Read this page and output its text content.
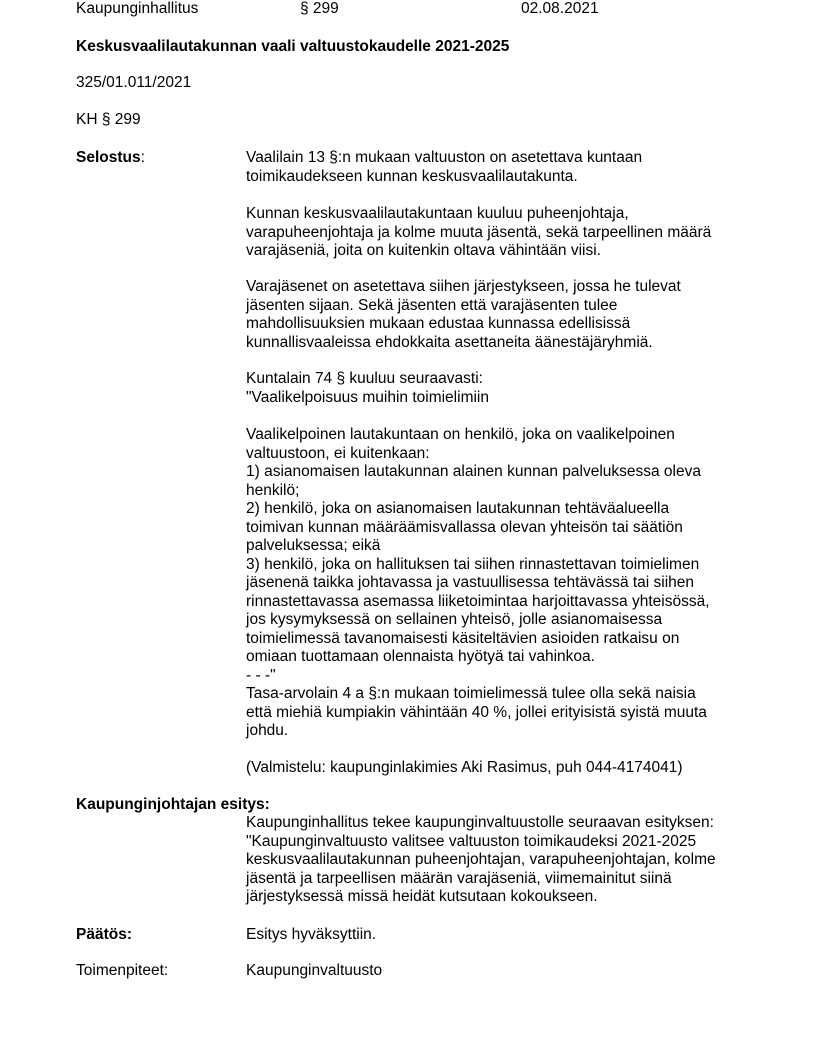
Kaupunginhallitus	§ 299	02.08.2021
Keskusvaalilautakunnan vaali valtuustokaudelle 2021-2025
325/01.011/2021
KH § 299
Selostus:	Vaalilain 13 §:n mukaan valtuuston on asetettava kuntaan
toimikaudekseen kunnan keskusvaalilautakunta.
Kunnan keskusvaalilautakuntaan kuuluu puheenjohtaja,
varapuheenjohtaja ja kolme muuta jäsentä, sekä tarpeellinen määrä
varajäseniä, joita on kuitenkin oltava vähintään viisi.
Varajäsenet on asetettava siihen järjestykseen, jossa he tulevat
jäsenten sijaan. Sekä jäsenten että varajäsenten tulee
mahdollisuuksien mukaan edustaa kunnassa edellisissä
kunnallisvaaleissa ehdokkaita asettaneita äänestäjäryhmiä.
Kuntalain 74 § kuuluu seuraavasti:
"Vaalikelpoisuus muihin toimielimiin
Vaalikelpoinen lautakuntaan on henkilö, joka on vaalikelpoinen
valtuustoon, ei kuitenkaan:
1) asianomaisen lautakunnan alainen kunnan palveluksessa oleva
henkilö;
2) henkilö, joka on asianomaisen lautakunnan tehtäväalueella
toimivan kunnan määräämisvallassa olevan yhteisön tai säätiön
palveluksessa; eikä
3) henkilö, joka on hallituksen tai siihen rinnastettavan toimielimen
jäsenenä taikka johtavassa ja vastuullisessa tehtävässä tai siihen
rinnastettavassa asemassa liiketoimintaa harjoittavassa yhteisössä,
jos kysymyksessä on sellainen yhteisö, jolle asianomaisessa
toimielimessä tavanomaisesti käsiteltävien asioiden ratkaisu on
omiaan tuottamaan olennaista hyötyä tai vahinkoa.
- - -"
Tasa-arvolain 4 a §:n mukaan toimielimessä tulee olla sekä naisia
että miehiä kumpiakin vähintään 40 %, jollei erityisistä syistä muuta
johdu.
(Valmistelu: kaupunginlakimies Aki Rasimus, puh 044-4174041)
Kaupunginjohtajan esitys:
Kaupunginhallitus tekee kaupunginvaltuustolle seuraavan esityksen:
"Kaupunginvaltuusto valitsee valtuuston toimikaudeksi 2021-2025
keskusvaalilautakunnan puheenjohtajan, varapuheenjohtajan, kolme
jäsentä ja tarpeellisen määrän varajäseniä, viimemainitut siinä
järjestyksessä missä heidät kutsutaan kokoukseen.
Päätös:	Esitys hyväksyttiin.
Toimenpiteet:	Kaupunginvaltuusto
